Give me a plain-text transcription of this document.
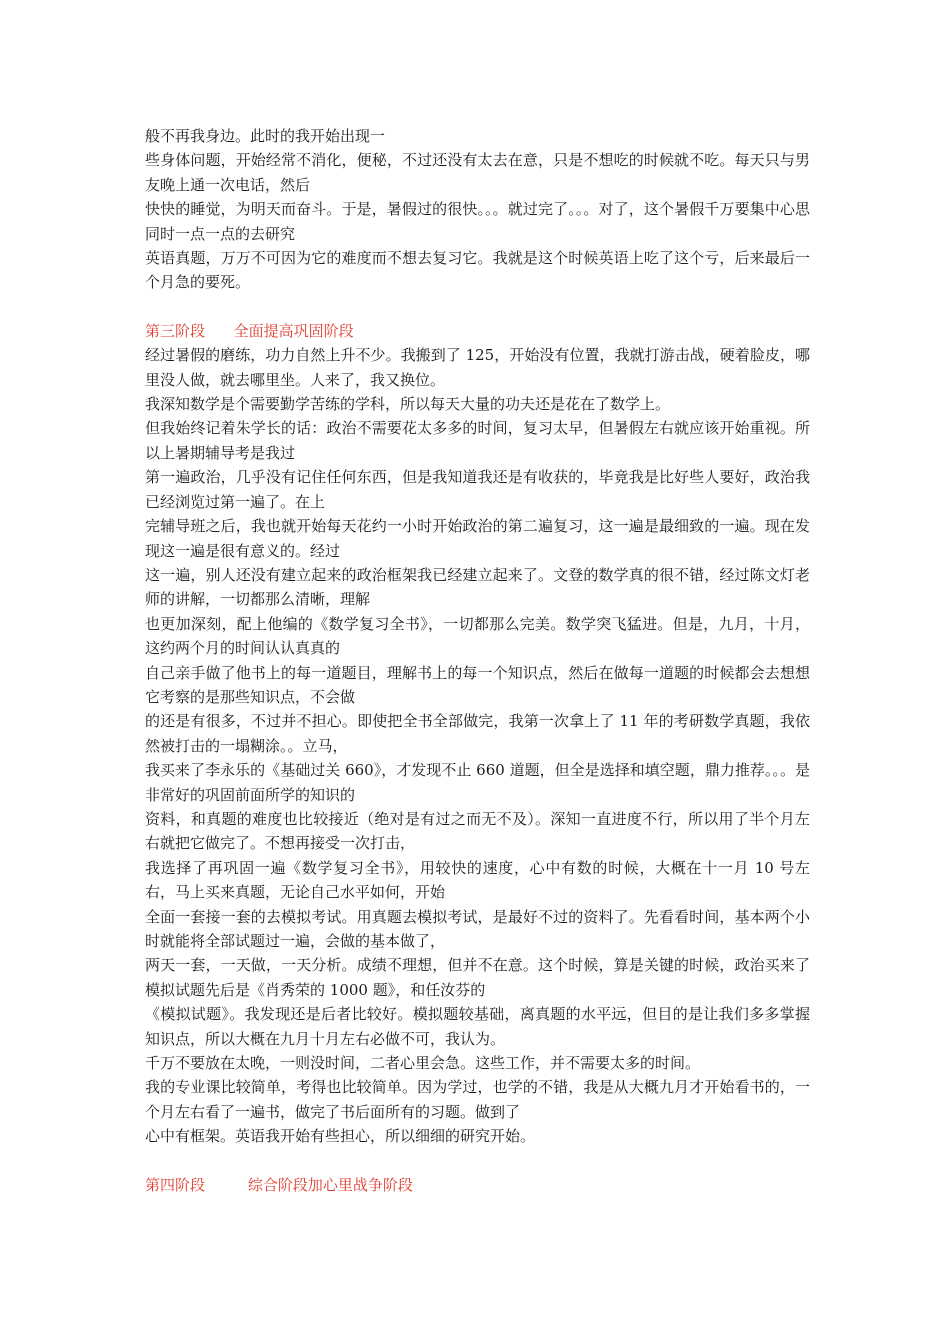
般不再我身边。此时的我开始出现一

些身体问题，开始经常不消化，便秘，不过还没有太去在意，只是不想吃的时候就不吃。每天只与男友晚上通一次电话，然后

快快的睡觉，为明天而奋斗。于是，暑假过的很快。。。就过完了。。。对了，这个暑假千万要集中心思同时一点一点的去研究

英语真题，万万不可因为它的难度而不想去复习它。我就是这个时候英语上吃了这个亏，后来最后一个月急的要死。

第三阶段      全面提高巩固阶段

经过暑假的磨练，功力自然上升不少。我搬到了 125，开始没有位置，我就打游击战，硬着脸皮，哪里没人做，就去哪里坐。人来了，我又换位。

我深知数学是个需要勤学苦练的学科，所以每天大量的功夫还是花在了数学上。

但我始终记着朱学长的话：政治不需要花太多多的时间，复习太早，但暑假左右就应该开始重视。所以上暑期辅导考是我过

第一遍政治，几乎没有记住任何东西，但是我知道我还是有收获的，毕竟我是比好些人要好，政治我已经浏览过第一遍了。在上

完辅导班之后，我也就开始每天花约一小时开始政治的第二遍复习，这一遍是最细致的一遍。现在发现这一遍是很有意义的。经过

这一遍，别人还没有建立起来的政治框架我已经建立起来了。文登的数学真的很不错，经过陈文灯老师的讲解，一切都那么清晰，理解

也更加深刻，配上他编的《数学复习全书》，一切都那么完美。数学突飞猛进。但是，九月，十月，这约两个月的时间认认真真的

自己亲手做了他书上的每一道题目，理解书上的每一个知识点，然后在做每一道题的时候都会去想想它考察的是那些知识点，不会做

的还是有很多，不过并不担心。即使把全书全部做完，我第一次拿上了 11 年的考研数学真题，我依然被打击的一塌糊涂。。立马，

我买来了李永乐的《基础过关 660》，才发现不止 660 道题，但全是选择和填空题，鼎力推荐。。。是非常好的巩固前面所学的知识的

资料，和真题的难度也比较接近（绝对是有过之而无不及）。深知一直进度不行，所以用了半个月左右就把它做完了。不想再接受一次打击，

我选择了再巩固一遍《数学复习全书》，用较快的速度，心中有数的时候，大概在十一月 10 号左右，马上买来真题，无论自己水平如何，开始

全面一套接一套的去模拟考试。用真题去模拟考试，是最好不过的资料了。先看看时间，基本两个小时就能将全部试题过一遍，会做的基本做了，

两天一套，一天做，一天分析。成绩不理想，但并不在意。这个时候，算是关键的时候，政治买来了模拟试题先后是《肖秀荣的 1000 题》，和任汝芬的

《模拟试题》。我发现还是后者比较好。模拟题较基础，离真题的水平远，但目的是让我们多多掌握知识点，所以大概在九月十月左右必做不可，我认为。

千万不要放在太晚，一则没时间，二者心里会急。这些工作，并不需要太多的时间。

我的专业课比较简单，考得也比较简单。因为学过，也学的不错，我是从大概九月才开始看书的，一个月左右看了一遍书，做完了书后面所有的习题。做到了

心中有框架。英语我开始有些担心，所以细细的研究开始。

第四阶段         综合阶段加心里战争阶段
